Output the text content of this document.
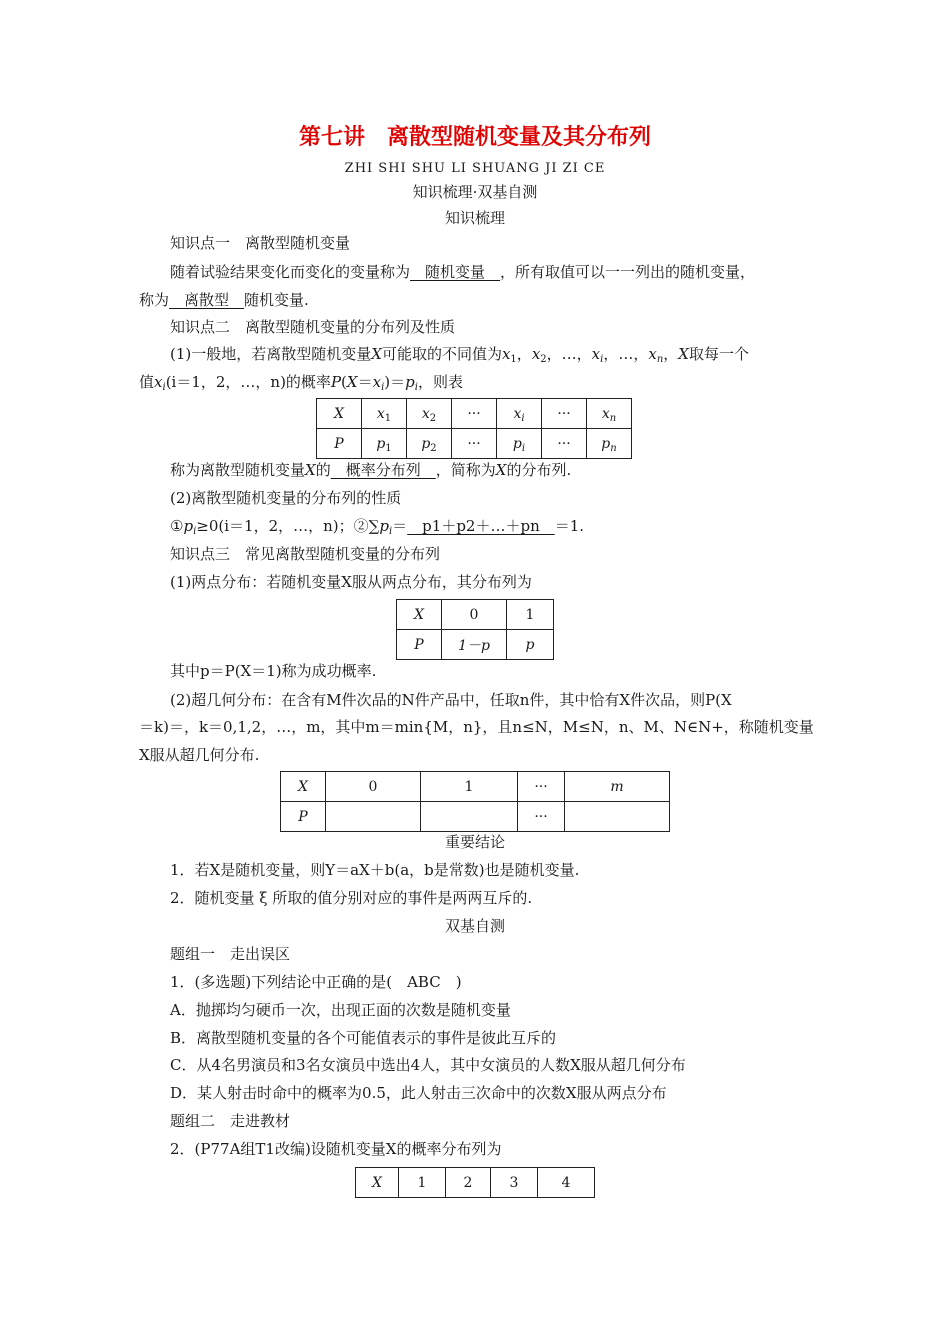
第七讲　离散型随机变量及其分布列
ZHI SHI SHU LI SHUANG JI ZI CE
知识梳理·双基自测
知识梳理
知识点一　离散型随机变量
随着试验结果变化而变化的变量称为　随机变量　，所有取值可以一一列出的随机变量，
称为　离散型　随机变量.
知识点二　离散型随机变量的分布列及性质
(1)一般地，若离散型随机变量X可能取的不同值为$x_1$，$x_2$，…，$x_i$，…，$x_n$，X取每一个
值$x_i(i=1$，2，…，n)的概率$P(X=x_i)=p_i$，则表
X	$x_1$	$x_2$	···	$x_i$	···	$x_n$
P	$p_1$	$p_2$	···	$p_i$	···	$p_n$
称为离散型随机变量X的　概率分布列　，简称为X的分布列.
(2)离散型随机变量的分布列的性质
$①p_i\ge 0(i=1$，2，…，n)；$②\sum p_i=$　p1＋p2＋…＋pn　＝1.
知识点三　常见离散型随机变量的分布列
(1)两点分布：若随机变量X服从两点分布，其分布列为
X	0	1
P	1－p	p
其中p＝P(X＝1)称为成功概率.
(2)超几何分布：在含有M件次品的N件产品中，任取n件，其中恰有X件次品，则P(X
＝k)＝，k＝0,1,2，…，m，其中m＝min{M，n}，且n≤N，M≤N，n、M、N∈N+，称随机变量
X服从超几何分布.
X	0	1	···	m
P			···	
重要结论
1．若X是随机变量，则Y＝aX＋b(a，b是常数)也是随机变量.
2．随机变量 ξ 所取的值分别对应的事件是两两互斥的.
双基自测
题组一　走出误区
1．(多选题)下列结论中正确的是(　ABC　)
A．抛掷均匀硬币一次，出现正面的次数是随机变量
B．离散型随机变量的各个可能值表示的事件是彼此互斥的
C．从4名男演员和3名女演员中选出4人，其中女演员的人数X服从超几何分布
D．某人射击时命中的概率为0.5，此人射击三次命中的次数X服从两点分布
题组二　走进教材
2．(P77A组T1改编)设随机变量X的概率分布列为
X	1	2	3	4
